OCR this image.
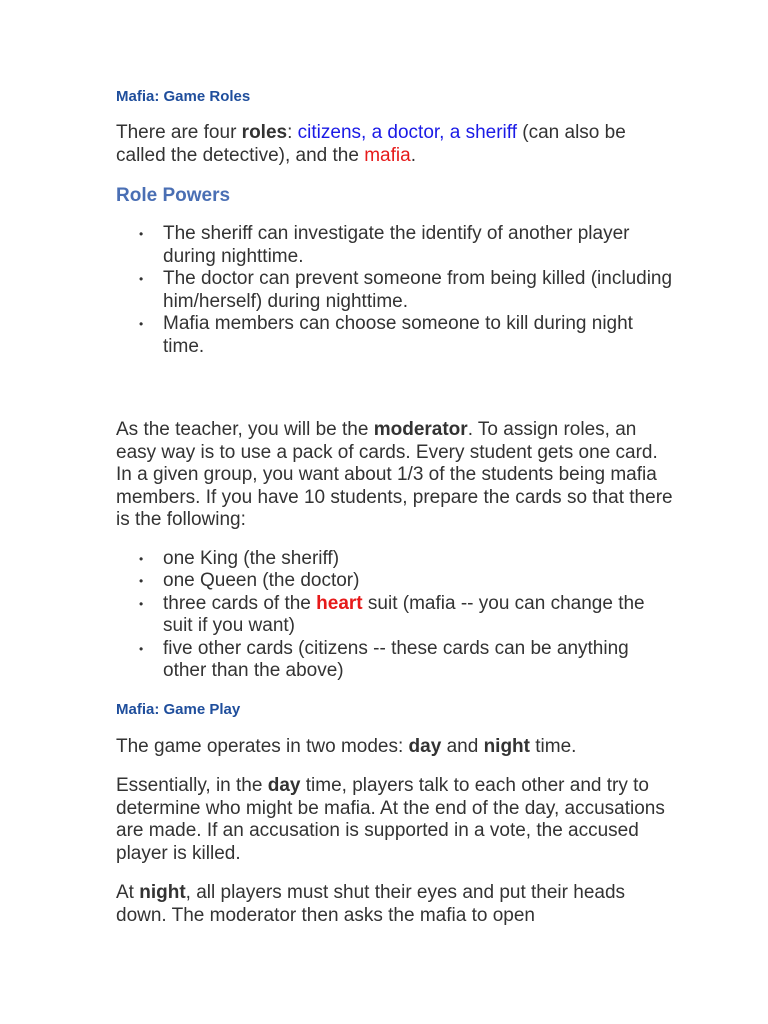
Mafia: Game Roles

There are four roles: citizens, a doctor, a sheriff (can also be called the detective), and the mafia.

Role Powers
• The sheriff can investigate the identify of another player during nighttime.
• The doctor can prevent someone from being killed (including him/herself) during nighttime.
• Mafia members can choose someone to kill during night time.

As the teacher, you will be the moderator. To assign roles, an easy way is to use a pack of cards. Every student gets one card. In a given group, you want about 1/3 of the students being mafia members. If you have 10 students, prepare the cards so that there is the following:

• one King (the sheriff)
• one Queen (the doctor)
• three cards of the heart suit (mafia -- you can change the suit if you want)
• five other cards (citizens -- these cards can be anything other than the above)
Mafia: Game Play

The game operates in two modes: day and night time.

Essentially, in the day time, players talk to each other and try to determine who might be mafia. At the end of the day, accusations are made. If an accusation is supported in a vote, the accused player is killed.

At night, all players must shut their eyes and put their heads down. The moderator then asks the mafia to open
